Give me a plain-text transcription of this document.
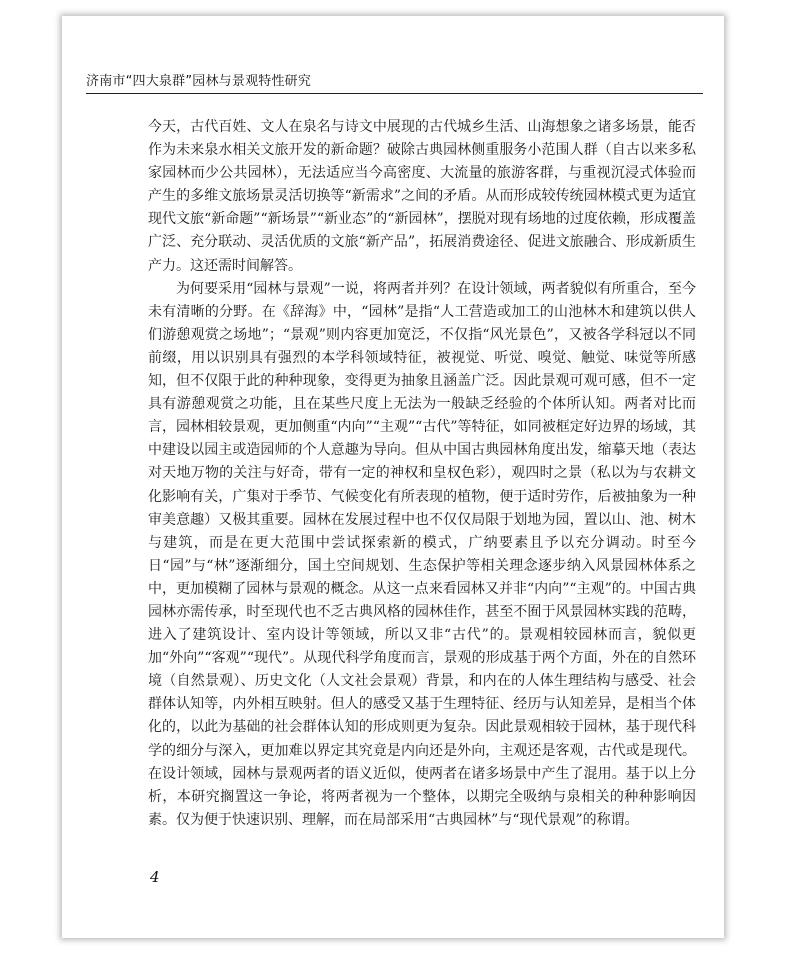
济南市“四大泉群”园林与景观特性研究

今天，古代百姓、文人在泉名与诗文中展现的古代城乡生活、山海想象之诸多场景，能否作为未来泉水相关文旅开发的新命题？破除古典园林侧重服务小范围人群（自古以来多私家园林而少公共园林），无法适应当今高密度、大流量的旅游客群，与重视沉浸式体验而产生的多维文旅场景灵活切换等“新需求”之间的矛盾。从而形成较传统园林模式更为适宜现代文旅“新命题”“新场景”“新业态”的“新园林”，摆脱对现有场地的过度依赖，形成覆盖广泛、充分联动、灵活优质的文旅“新产品”，拓展消费途径、促进文旅融合、形成新质生产力。这还需时间解答。

为何要采用“园林与景观”一说，将两者并列？在设计领域，两者貌似有所重合，至今未有清晰的分野。在《辞海》中，“园林”是指“人工营造或加工的山池林木和建筑以供人们游憩观赏之场地”；“景观”则内容更加宽泛，不仅指“风光景色”，又被各学科冠以不同前缀，用以识别具有强烈的本学科领域特征，被视觉、听觉、嗅觉、触觉、味觉等所感知，但不仅限于此的种种现象，变得更为抽象且涵盖广泛。因此景观可观可感，但不一定具有游憩观赏之功能，且在某些尺度上无法为一般缺乏经验的个体所认知。两者对比而言，园林相较景观，更加侧重“内向”“主观”“古代”等特征，如同被框定好边界的场域，其中建设以园主或造园师的个人意趣为导向。但从中国古典园林角度出发，缩摹天地（表达对天地万物的关注与好奇，带有一定的神权和皇权色彩），观四时之景（私以为与农耕文化影响有关，广集对于季节、气候变化有所表现的植物，便于适时劳作，后被抽象为一种审美意趣）又极其重要。园林在发展过程中也不仅仅局限于划地为园，置以山、池、树木与建筑，而是在更大范围中尝试探索新的模式，广纳要素且予以充分调动。时至今日“园”与“林”逐渐细分，国土空间规划、生态保护等相关理念逐步纳入风景园林体系之中，更加模糊了园林与景观的概念。从这一点来看园林又并非“内向”“主观”的。中国古典园林亦需传承，时至现代也不乏古典风格的园林佳作，甚至不囿于风景园林实践的范畴，进入了建筑设计、室内设计等领域，所以又非“古代”的。景观相较园林而言，貌似更加“外向”“客观”“现代”。从现代科学角度而言，景观的形成基于两个方面，外在的自然环境（自然景观）、历史文化（人文社会景观）背景，和内在的人体生理结构与感受、社会群体认知等，内外相互映射。但人的感受又基于生理特征、经历与认知差异，是相当个体化的，以此为基础的社会群体认知的形成则更为复杂。因此景观相较于园林，基于现代科学的细分与深入，更加难以界定其究竟是内向还是外向，主观还是客观，古代或是现代。在设计领域，园林与景观两者的语义近似，使两者在诸多场景中产生了混用。基于以上分析，本研究搁置这一争论，将两者视为一个整体，以期完全吸纳与泉相关的种种影响因素。仅为便于快速识别、理解，而在局部采用“古典园林”与“现代景观”的称谓。

4
